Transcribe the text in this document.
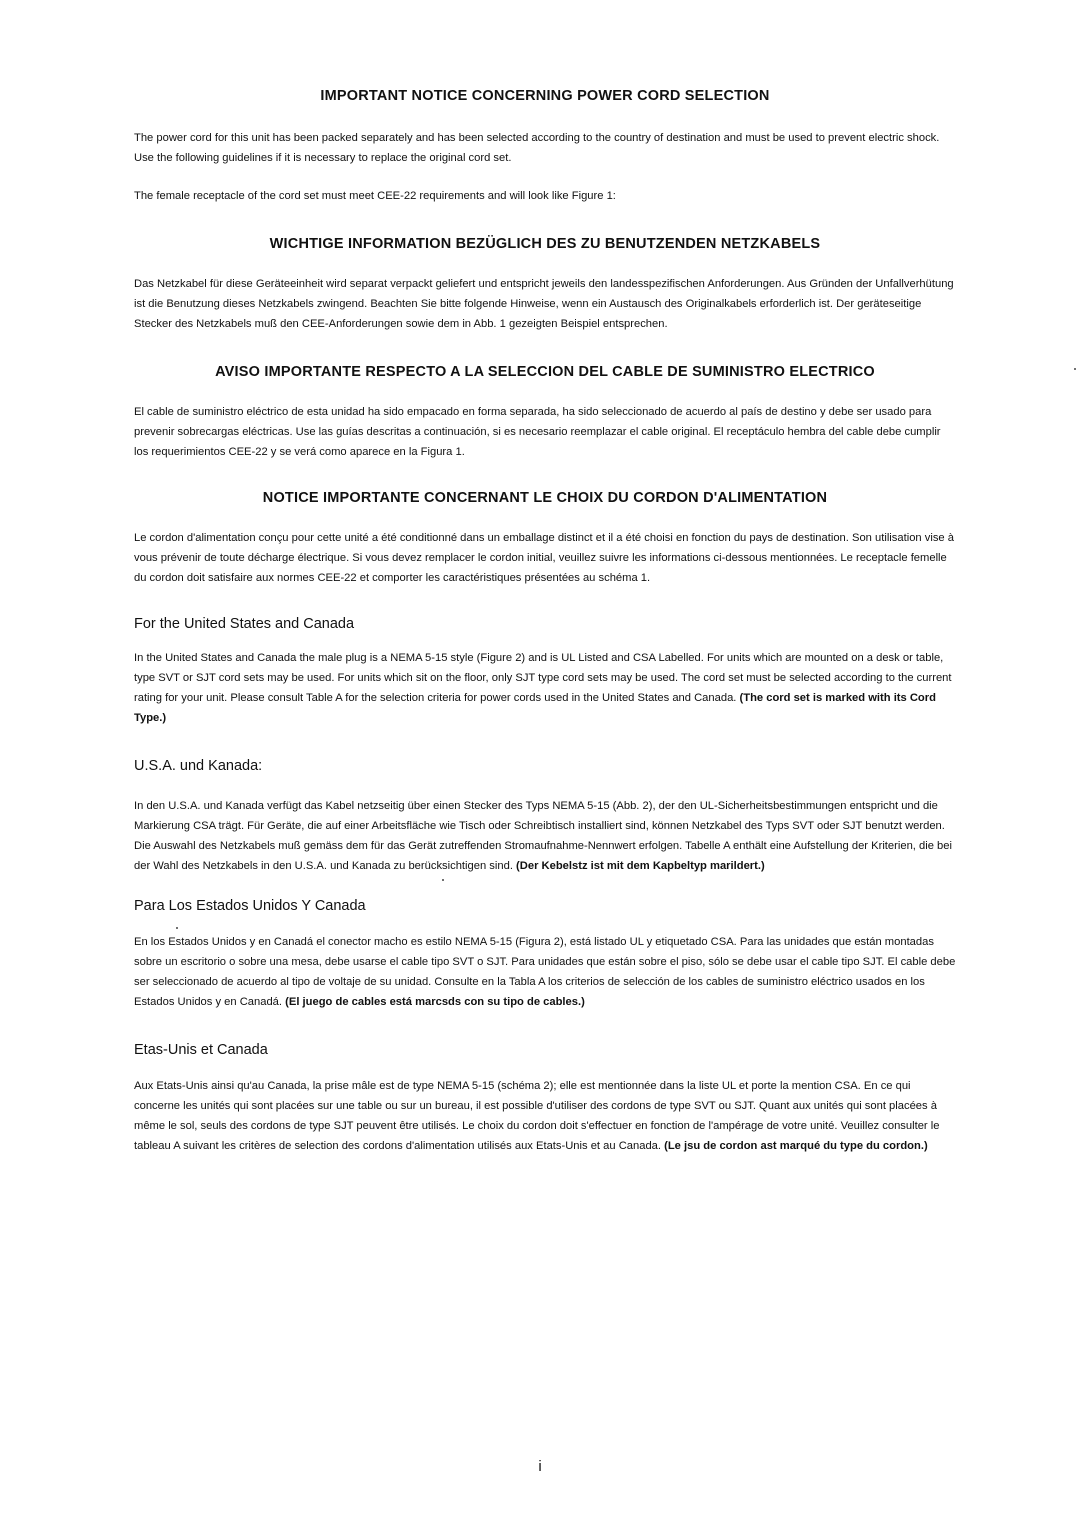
IMPORTANT NOTICE CONCERNING POWER CORD SELECTION

The power cord for this unit has been packed separately and has been selected according to the country of destination and must be used to prevent electric shock. Use the following guidelines if it is necessary to replace the original cord set.

The female receptacle of the cord set must meet CEE-22 requirements and will look like Figure 1:

WICHTIGE INFORMATION BEZÜGLICH DES ZU BENUTZENDEN NETZKABELS

Das Netzkabel für diese Geräteeinheit wird separat verpackt geliefert und entspricht jeweils den landesspezifischen Anforderungen. Aus Gründen der Unfallverhütung ist die Benutzung dieses Netzkabels zwingend. Beachten Sie bitte folgende Hinweise, wenn ein Austausch des Originalkabels erforderlich ist. Der geräteseitige Stecker des Netzkabels muß den CEE-Anforderungen sowie dem in Abb. 1 gezeigten Beispiel entsprechen.

AVISO IMPORTANTE RESPECTO A LA SELECCION DEL CABLE DE SUMINISTRO ELECTRICO

El cable de suministro eléctrico de esta unidad ha sido empacado en forma separada, ha sido seleccionado de acuerdo al país de destino y debe ser usado para prevenir sobrecargas eléctricas. Use las guías descritas a continuación, si es necesario reemplazar el cable original. El receptáculo hembra del cable debe cumplir los requerimientos CEE-22 y se verá como aparece en la Figura 1.

NOTICE IMPORTANTE CONCERNANT LE CHOIX DU CORDON D'ALIMENTATION

Le cordon d'alimentation conçu pour cette unité a été conditionné dans un emballage distinct et il a été choisi en fonction du pays de destination. Son utilisation vise à vous prévenir de toute décharge électrique. Si vous devez remplacer le cordon initial, veuillez suivre les informations ci-dessous mentionnées. Le receptacle femelle du cordon doit satisfaire aux normes CEE-22 et comporter les caractéristiques présentées au schéma 1.

For the United States and Canada

In the United States and Canada the male plug is a NEMA 5-15 style (Figure 2) and is UL Listed and CSA Labelled. For units which are mounted on a desk or table, type SVT or SJT cord sets may be used. For units which sit on the floor, only SJT type cord sets may be used. The cord set must be selected according to the current rating for your unit. Please consult Table A for the selection criteria for power cords used in the United States and Canada. (The cord set is marked with its Cord Type.)

U.S.A. und Kanada:

In den U.S.A. und Kanada verfügt das Kabel netzseitig über einen Stecker des Typs NEMA 5-15 (Abb. 2), der den UL-Sicherheitsbestimmungen entspricht und die Markierung CSA trägt. Für Geräte, die auf einer Arbeitsfläche wie Tisch oder Schreibtisch installiert sind, können Netzkabel des Typs SVT oder SJT benutzt werden. Die Auswahl des Netzkabels muß gemäss dem für das Gerät zutreffenden Stromaufnahme-Nennwert erfolgen. Tabelle A enthält eine Aufstellung der Kriterien, die bei der Wahl des Netzkabels in den U.S.A. und Kanada zu berücksichtigen sind. (Der Kebelstz ist mit dem Kapbeltyp marildert.)

Para Los Estados Unidos Y Canada

En los Estados Unidos y en Canadá el conector macho es estilo NEMA 5-15 (Figura 2), está listado UL y etiquetado CSA. Para las unidades que están montadas sobre un escritorio o sobre una mesa, debe usarse el cable tipo SVT o SJT. Para unidades que están sobre el piso, sólo se debe usar el cable tipo SJT. El cable debe ser seleccionado de acuerdo al tipo de voltaje de su unidad. Consulte en la Tabla A los criterios de selección de los cables de suministro eléctrico usados en los Estados Unidos y en Canadá. (El juego de cables está marcsds con su tipo de cables.)

Etas-Unis et Canada

Aux Etats-Unis ainsi qu'au Canada, la prise mâle est de type NEMA 5-15 (schéma 2); elle est mentionnée dans la liste UL et porte la mention CSA. En ce qui concerne les unités qui sont placées sur une table ou sur un bureau, il est possible d'utiliser des cordons de type SVT ou SJT. Quant aux unités qui sont placées à même le sol, seuls des cordons de type SJT peuvent être utilisés. Le choix du cordon doit s'effectuer en fonction de l'ampérage de votre unité. Veuillez consulter le tableau A suivant les critères de selection des cordons d'alimentation utilisés aux Etats-Unis et au Canada. (Le jsu de cordon ast marqué du type du cordon.)

i
